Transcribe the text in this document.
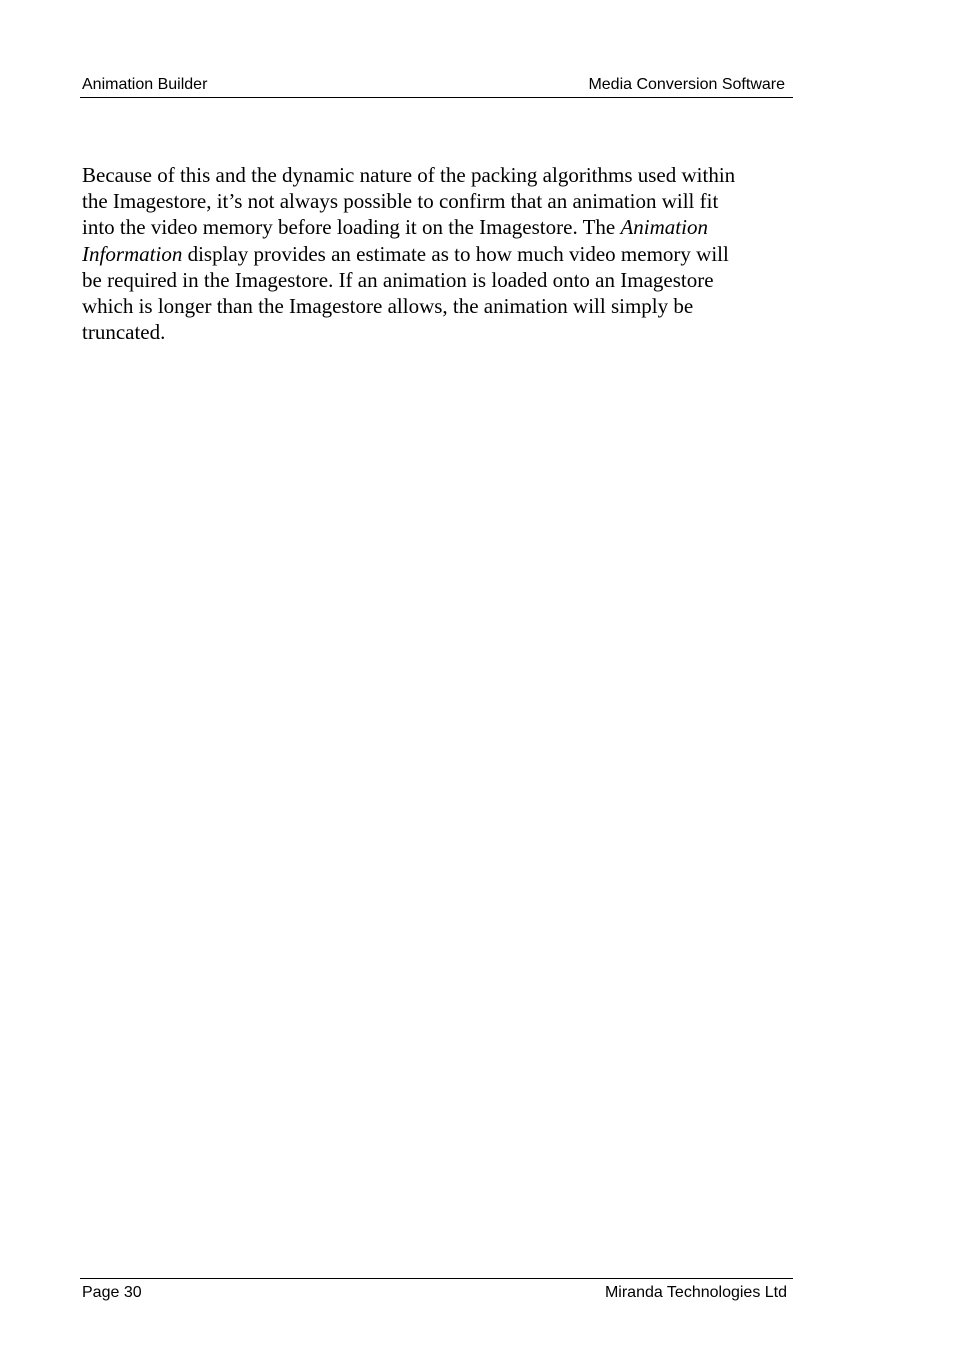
Animation Builder	Media Conversion Software

Because of this and the dynamic nature of the packing algorithms used within
the Imagestore, it’s not always possible to confirm that an animation will fit
into the video memory before loading it on the Imagestore. The Animation
Information display provides an estimate as to how much video memory will
be required in the Imagestore. If an animation is loaded onto an Imagestore
which is longer than the Imagestore allows, the animation will simply be
truncated.

Page 30	Miranda Technologies Ltd
